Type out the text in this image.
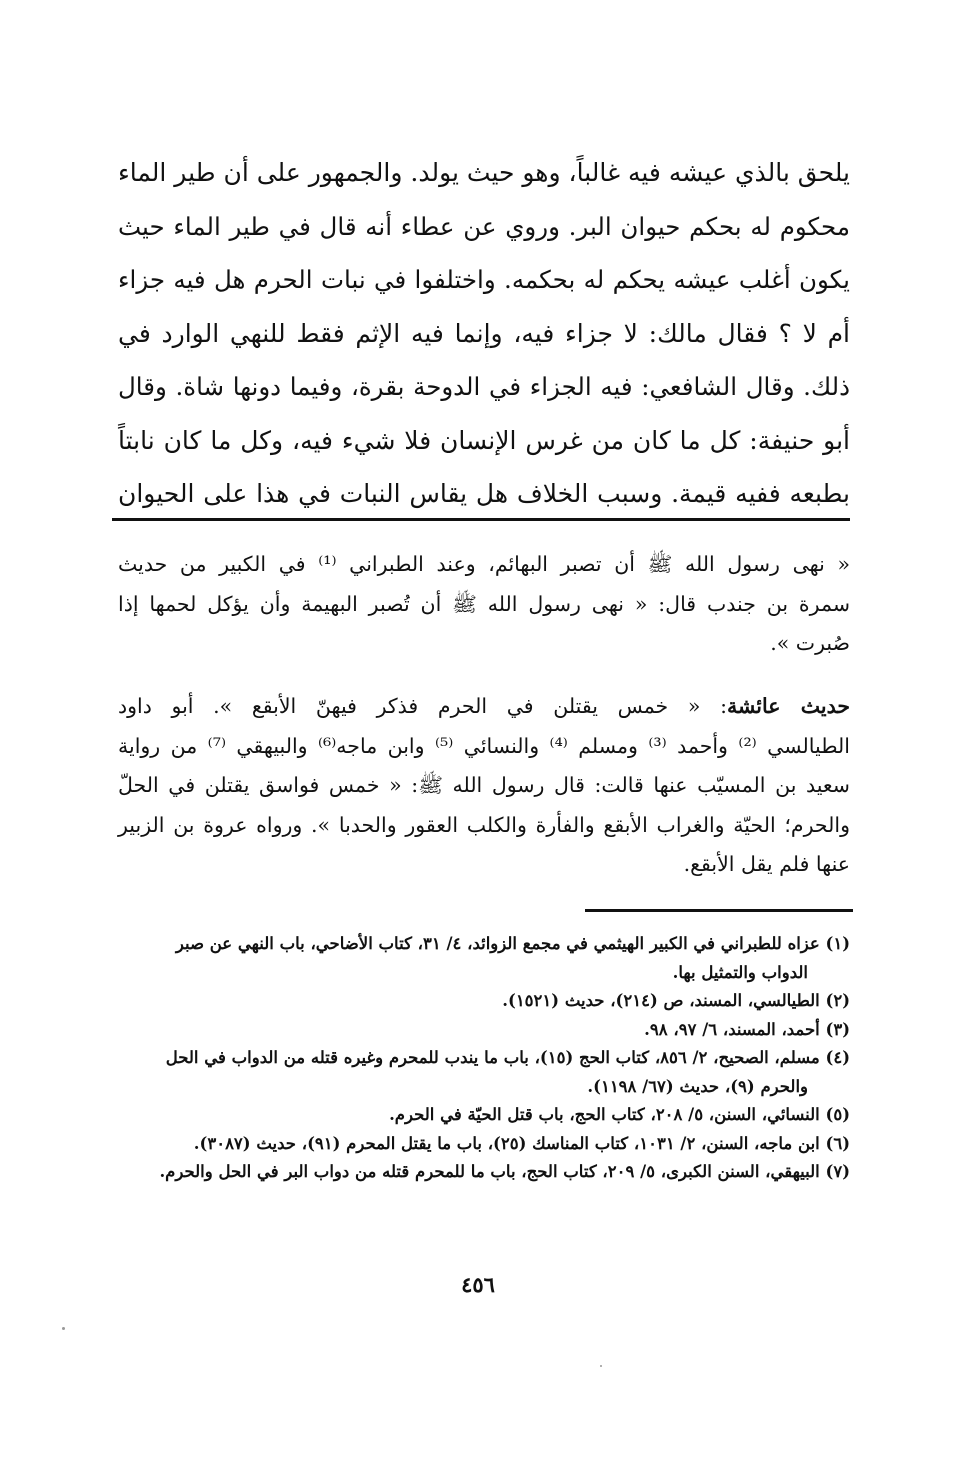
يلحق بالذي عيشه فيه غالباً، وهو حيث يولد. والجمهور على أن طير الماء
محكوم له بحكم حيوان البر. وروي عن عطاء أنه قال في طير الماء حيث
يكون أغلب عيشه يحكم له بحكمه. واختلفوا في نبات الحرم هل فيه جزاء
أم لا ؟ فقال مالك: لا جزاء فيه، وإنما فيه الإثم فقط للنهي الوارد في
ذلك. وقال الشافعي: فيه الجزاء في الدوحة بقرة، وفيما دونها شاة. وقال
أبو حنيفة: كل ما كان من غرس الإنسان فلا شيء فيه، وكل ما كان نابتاً
بطبعه ففيه قيمة. وسبب الخلاف هل يقاس النبات في هذا على الحيوان
« نهى رسول الله ﷺ أن تصبر البهائم، وعند الطبراني ⁽¹⁾ في الكبير من حديث
سمرة بن جندب قال: « نهى رسول الله ﷺ أن تُصبر البهيمة وأن يؤكل لحمها إذا
صُبرت ».
حديث عائشة: « خمس يقتلن في الحرم فذكر فيهنّ الأبقع ». أبو داود
الطيالسي ⁽²⁾ وأحمد ⁽³⁾ ومسلم ⁽⁴⁾ والنسائي ⁽⁵⁾ وابن ماجه⁽⁶⁾ والبيهقي ⁽⁷⁾ من رواية
سعيد بن المسيّب عنها قالت: قال رسول الله ﷺ: « خمس فواسق يقتلن في الحلّ
والحرم؛ الحيّة والغراب الأبقع والفأرة والكلب العقور والحدبا ». ورواه عروة بن الزبير
عنها فلم يقل الأبقع.
(١) عزاه للطبراني في الكبير الهيثمي في مجمع الزوائد، ٤/ ٣١، كتاب الأضاحي، باب النهي عن صبر
الدواب والتمثيل بها.
(٢) الطيالسي، المسند، ص (٢١٤)، حديث (١٥٢١).
(٣) أحمد، المسند، ٦/ ٩٧، ٩٨.
(٤) مسلم، الصحيح، ٢/ ٨٥٦، كتاب الحج (١٥)، باب ما يندب للمحرم وغيره قتله من الدواب في الحل
والحرم (٩)، حديث (٦٧/ ١١٩٨).
(٥) النسائي، السنن، ٥/ ٢٠٨، كتاب الحج، باب قتل الحيّة في الحرم.
(٦) ابن ماجه، السنن، ٢/ ١٠٣١، كتاب المناسك (٢٥)، باب ما يقتل المحرم (٩١)، حديث (٣٠٨٧).
(٧) البيهقي، السنن الكبرى، ٥/ ٢٠٩، كتاب الحج، باب ما للمحرم قتله من دواب البر في الحل والحرم.
٤٥٦
